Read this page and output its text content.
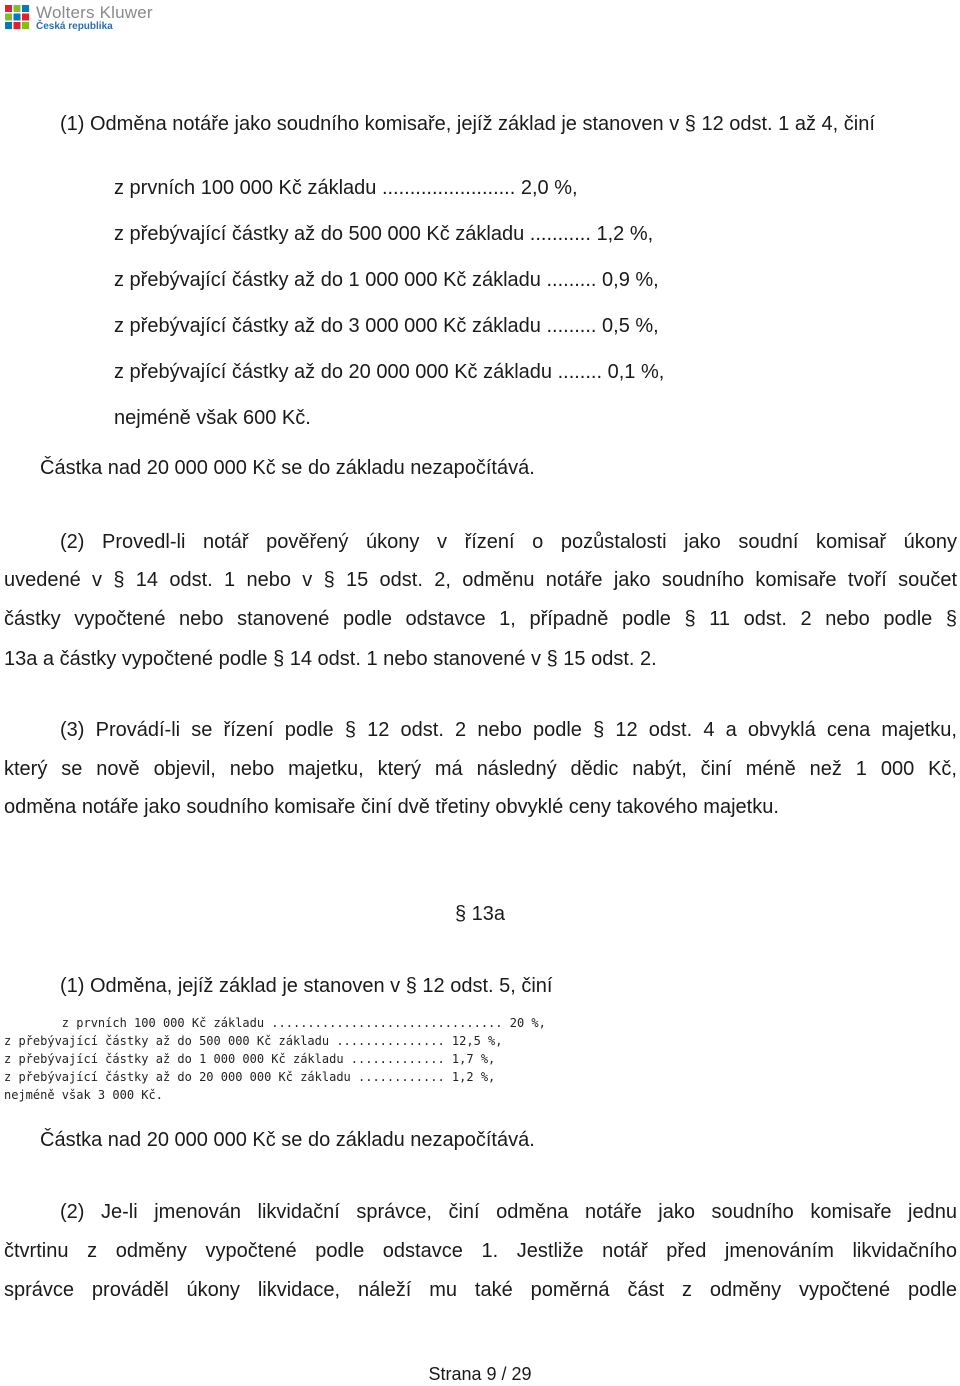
Wolters Kluwer
Česká republika
(1) Odměna notáře jako soudního komisaře, jejíž základ je stanoven v § 12 odst. 1 až 4, činí
z prvních 100 000 Kč základu ........................ 2,0 %,
z přebývající částky až do 500 000 Kč základu ........... 1,2 %,
z přebývající částky až do 1 000 000 Kč základu ......... 0,9 %,
z přebývající částky až do 3 000 000 Kč základu ......... 0,5 %,
z přebývající částky až do 20 000 000 Kč základu ........ 0,1 %,
nejméně však 600 Kč.
Částka nad 20 000 000 Kč se do základu nezapočítává.
(2) Provedl-li notář pověřený úkony v řízení o pozůstalosti jako soudní komisař úkony
uvedené v § 14 odst. 1 nebo v § 15 odst. 2, odměnu notáře jako soudního komisaře tvoří součet
částky vypočtené nebo stanovené podle odstavce 1, případně podle § 11 odst. 2 nebo podle §
13a a částky vypočtené podle § 14 odst. 1 nebo stanovené v § 15 odst. 2.
(3) Provádí-li se řízení podle § 12 odst. 2 nebo podle § 12 odst. 4 a obvyklá cena majetku,
který se nově objevil, nebo majetku, který má následný dědic nabýt, činí méně než 1 000 Kč,
odměna notáře jako soudního komisaře činí dvě třetiny obvyklé ceny takového majetku.
§ 13a
(1) Odměna, jejíž základ je stanoven v § 12 odst. 5, činí
z prvních 100 000 Kč základu ................................ 20 %,
z přebývající částky až do 500 000 Kč základu ............... 12,5 %,
z přebývající částky až do 1 000 000 Kč základu ............. 1,7 %,
z přebývající částky až do 20 000 000 Kč základu ............ 1,2 %,
nejméně však 3 000 Kč.
Částka nad 20 000 000 Kč se do základu nezapočítává.
(2) Je-li jmenován likvidační správce, činí odměna notáře jako soudního komisaře jednu
čtvrtinu z odměny vypočtené podle odstavce 1. Jestliže notář před jmenováním likvidačního
správce prováděl úkony likvidace, náleží mu také poměrná část z odměny vypočtené podle
Strana 9 / 29
